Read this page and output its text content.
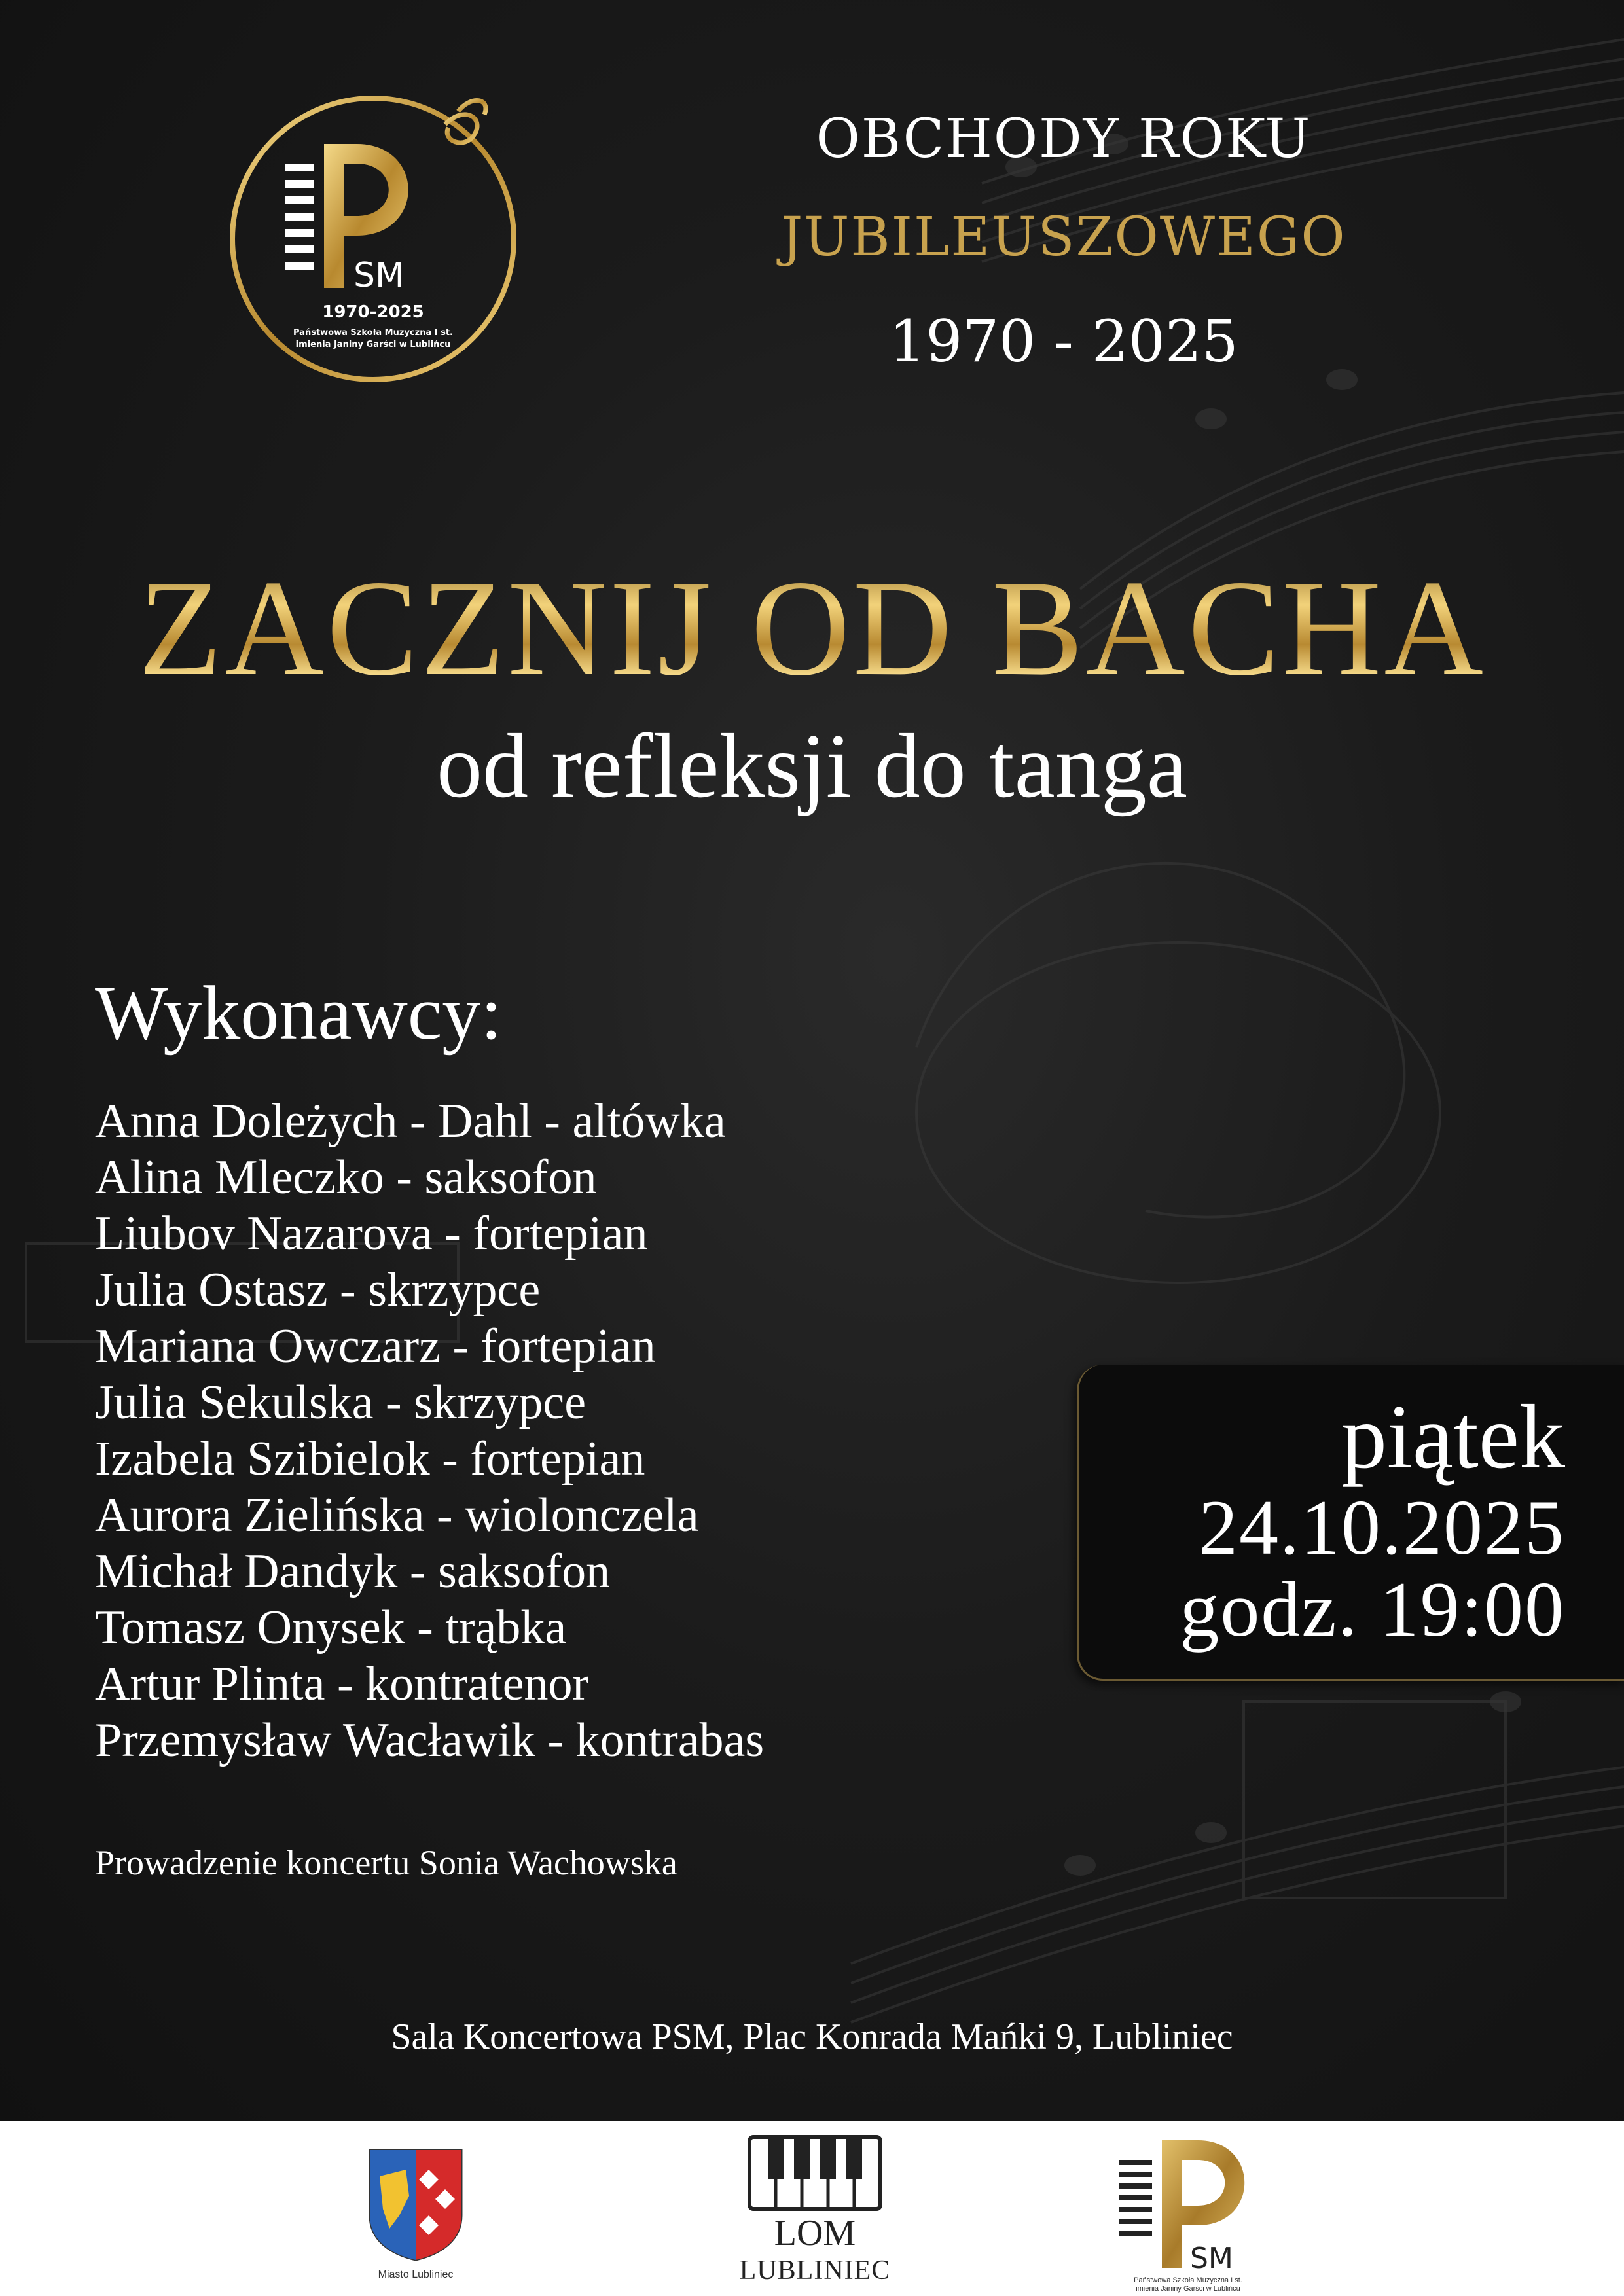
SM
1970-2025
Państwowa Szkoła Muzyczna I st.
imienia Janiny Garści w Lublińcu
OBCHODY ROKU
JUBILEUSZOWEGO
1970 - 2025
ZACZNIJ OD BACHA
od refleksji do tanga
Wykonawcy:
Anna Doleżych - Dahl - altówka
Alina Mleczko - saksofon
Liubov Nazarova - fortepian
Julia Ostasz - skrzypce
Mariana Owczarz - fortepian
Julia Sekulska - skrzypce
Izabela Szibielok - fortepian
Aurora Zielińska - wiolonczela
Michał Dandyk - saksofon
Tomasz Onysek - trąbka
Artur Plinta - kontratenor
Przemysław Wacławik - kontrabas
Prowadzenie koncertu Sonia Wachowska
piątek
24.10.2025
godz. 19:00
Sala Koncertowa PSM, Plac Konrada Mańki 9, Lubliniec
Miasto Lubliniec
LOM
LUBLINIEC	SM
Państwowa Szkoła Muzyczna I st.
imienia Janiny Garści w Lublińcu
